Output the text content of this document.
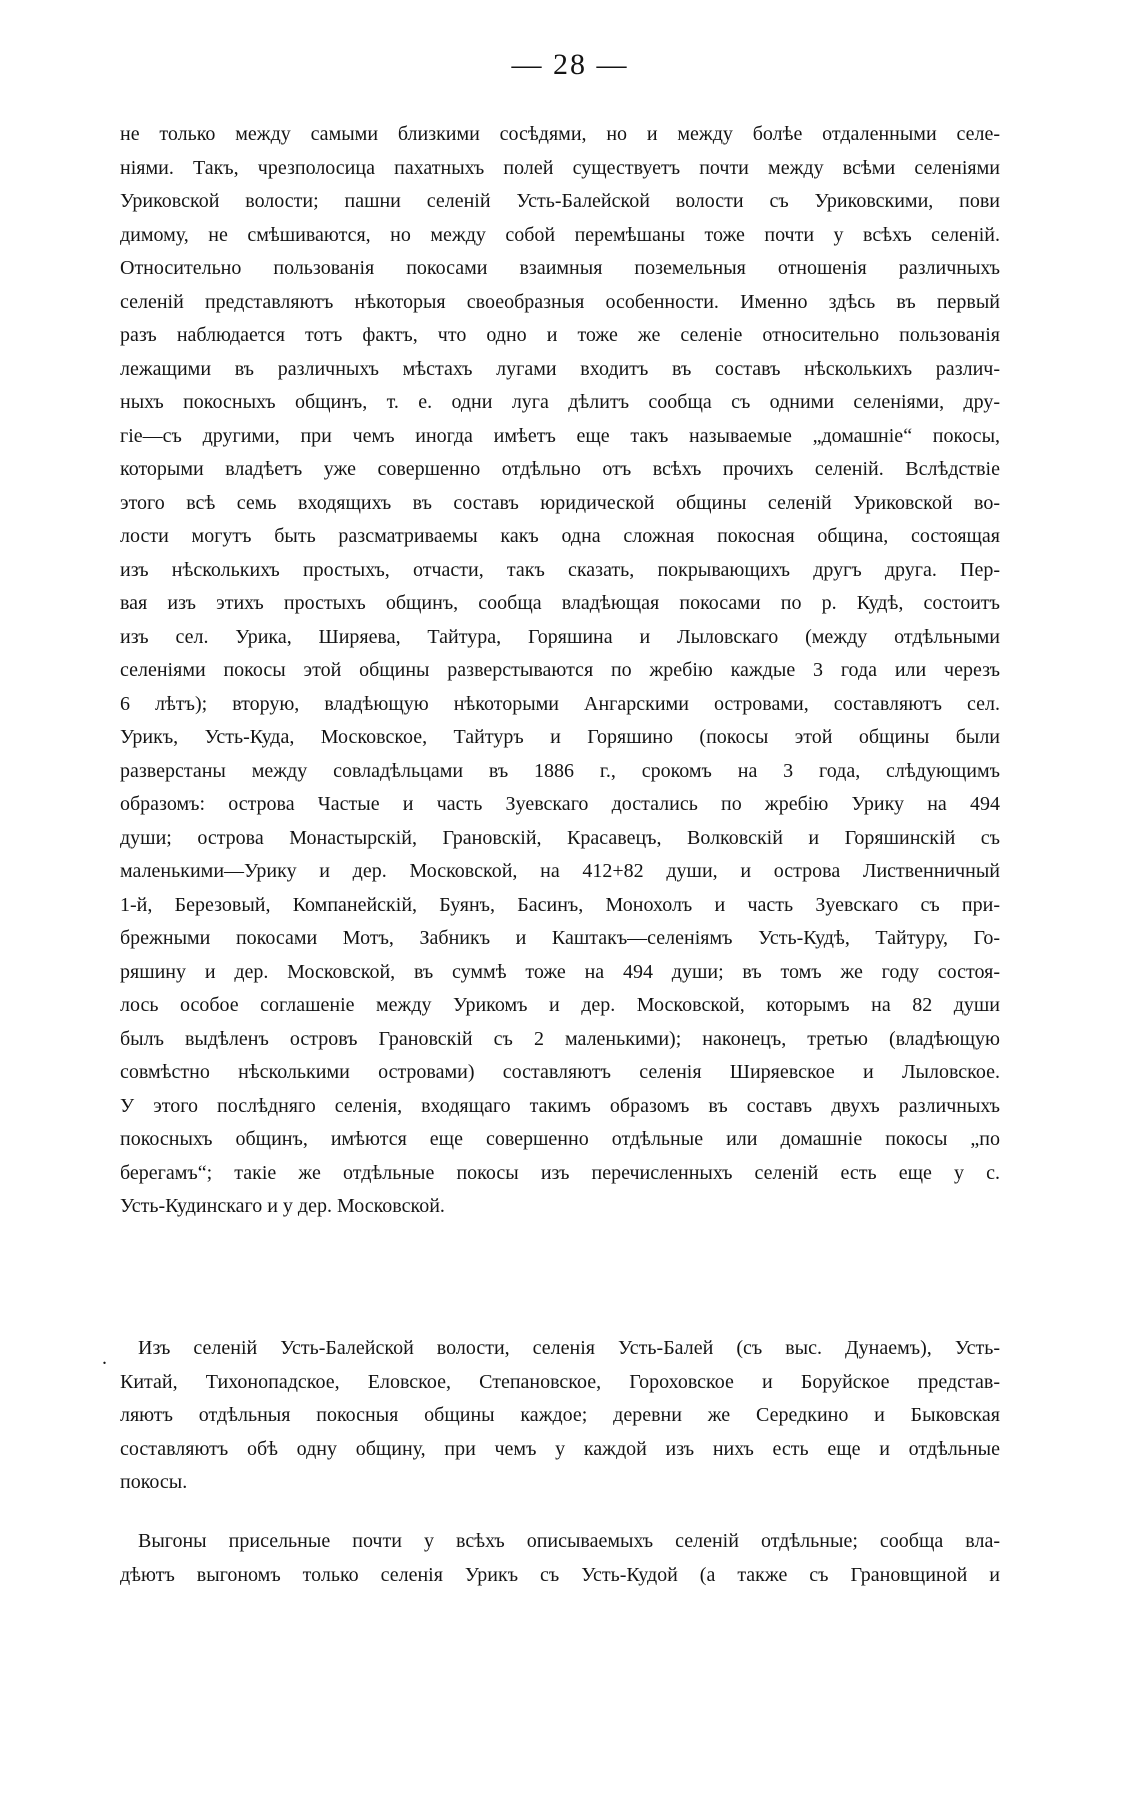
— 28 —
не только между самыми близкими сосѣдями, но и между болѣе отдаленными селе-
ніями. Такъ, чрезполосица пахатныхъ полей существуетъ почти между всѣми селеніями
Уриковской волости; пашни селеній Усть-Балейской волости съ Уриковскими, пови
димому, не смѣшиваются, но между собой перемѣшаны тоже почти у всѣхъ селеній.
Относительно пользованія покосами взаимныя поземельныя отношенія различныхъ
селеній представляютъ нѣкоторыя своеобразныя особенности. Именно здѣсь въ первый
разъ наблюдается тотъ фактъ, что одно и тоже же селеніе относительно пользованія
лежащими въ различныхъ мѣстахъ лугами входитъ въ составъ нѣсколькихъ различ-
ныхъ покосныхъ общинъ, т. е. одни луга дѣлитъ сообща съ одними селеніями, дру-
гіе—съ другими, при чемъ иногда имѣетъ еще такъ называемые „домашніе“ покосы,
которыми владѣетъ уже совершенно отдѣльно отъ всѣхъ прочихъ селеній. Вслѣдствіе
этого всѣ семь входящихъ въ составъ юридической общины селеній Уриковской во-
лости могутъ быть разсматриваемы какъ одна сложная покосная община, состоящая
изъ нѣсколькихъ простыхъ, отчасти, такъ сказать, покрывающихъ другъ друга. Пер-
вая изъ этихъ простыхъ общинъ, сообща владѣющая покосами по р. Кудѣ, состоитъ
изъ сел. Урика, Ширяева, Тайтура, Горяшина и Лыловскаго (между отдѣльными
селеніями покосы этой общины разверстываются по жребію каждые 3 года или черезъ
6 лѣтъ); вторую, владѣющую нѣкоторыми Ангарскими островами, составляютъ сел.
Урикъ, Усть-Куда, Московское, Тайтуръ и Горяшино (покосы этой общины были
разверстаны между совладѣльцами въ 1886 г., срокомъ на 3 года, слѣдующимъ
образомъ: острова Частые и часть Зуевскаго достались по жребію Урику на 494
души; острова Монастырскій, Грановскій, Красавецъ, Волковскій и Горяшинскій съ
маленькими—Урику и дер. Московской, на 412+82 души, и острова Лиственничный
1-й, Березовый, Компанейскій, Буянъ, Басинъ, Монохолъ и часть Зуевскаго съ при-
брежными покосами Мотъ, Забникъ и Каштакъ—селеніямъ Усть-Кудѣ, Тайтуру, Го-
ряшину и дер. Московской, въ суммѣ тоже на 494 души; въ томъ же году состоя-
лось особое соглашеніе между Урикомъ и дер. Московской, которымъ на 82 души
былъ выдѣленъ островъ Грановскій съ 2 маленькими); наконецъ, третью (владѣющую
совмѣстно нѣсколькими островами) составляютъ селенія Ширяевское и Лыловское.
У этого послѣдняго селенія, входящаго такимъ образомъ въ составъ двухъ различныхъ
покосныхъ общинъ, имѣются еще совершенно отдѣльные или домашніе покосы „по
берегамъ“; такіе же отдѣльные покосы изъ перечисленныхъ селеній есть еще у с.
Усть-Кудинскаго и у дер. Московской.
.	Изъ селеній Усть-Балейской волости, селенія Усть-Балей (съ выс. Дунаемъ), Усть-
Китай, Тихонопадское, Еловское, Степановское, Гороховское и Боруйское представ-
ляютъ отдѣльныя покосныя общины каждое; деревни же Середкино и Быковская
составляютъ обѣ одну общину, при чемъ у каждой изъ нихъ есть еще и отдѣльные
покосы.
Выгоны присельные почти у всѣхъ описываемыхъ селеній отдѣльные; сообща вла-
дѣютъ выгономъ только селенія Урикъ съ Усть-Кудой (а также съ Грановщиной и
